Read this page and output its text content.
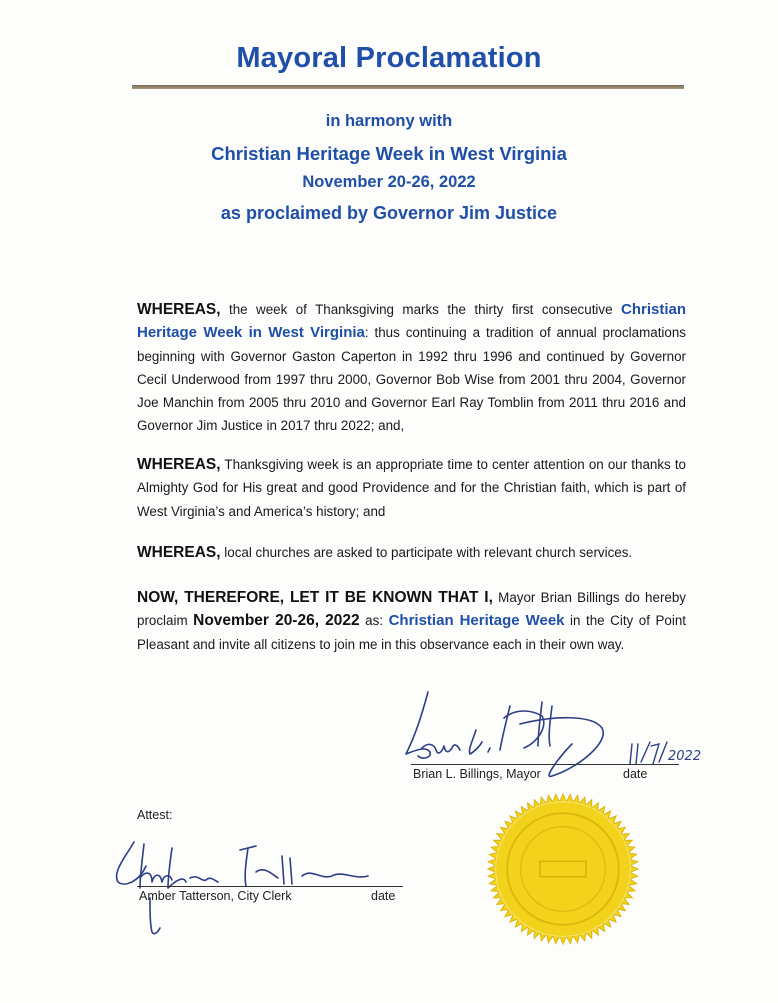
Mayoral Proclamation
in harmony with
Christian Heritage Week in West Virginia
November 20-26, 2022
as proclaimed by Governor Jim Justice
WHEREAS, the week of Thanksgiving marks the thirty first consecutive Christian Heritage Week in West Virginia: thus continuing a tradition of annual proclamations beginning with Governor Gaston Caperton in 1992 thru 1996 and continued by Governor Cecil Underwood from 1997 thru 2000, Governor Bob Wise from 2001 thru 2004, Governor Joe Manchin from 2005 thru 2010 and Governor Earl Ray Tomblin from 2011 thru 2016 and Governor Jim Justice in 2017 thru 2022; and,
WHEREAS, Thanksgiving week is an appropriate time to center attention on our thanks to Almighty God for His great and good Providence and for the Christian faith, which is part of West Virginia’s and America’s history; and
WHEREAS, local churches are asked to participate with relevant church services.
NOW, THEREFORE, LET IT BE KNOWN THAT I, Mayor Brian Billings do hereby proclaim November 20-26, 2022 as: Christian Heritage Week in the City of Point Pleasant and invite all citizens to join me in this observance each in their own way.
2022
Brian L. Billings, Mayor	date
Attest:
Amber Tatterson, City Clerk	date
